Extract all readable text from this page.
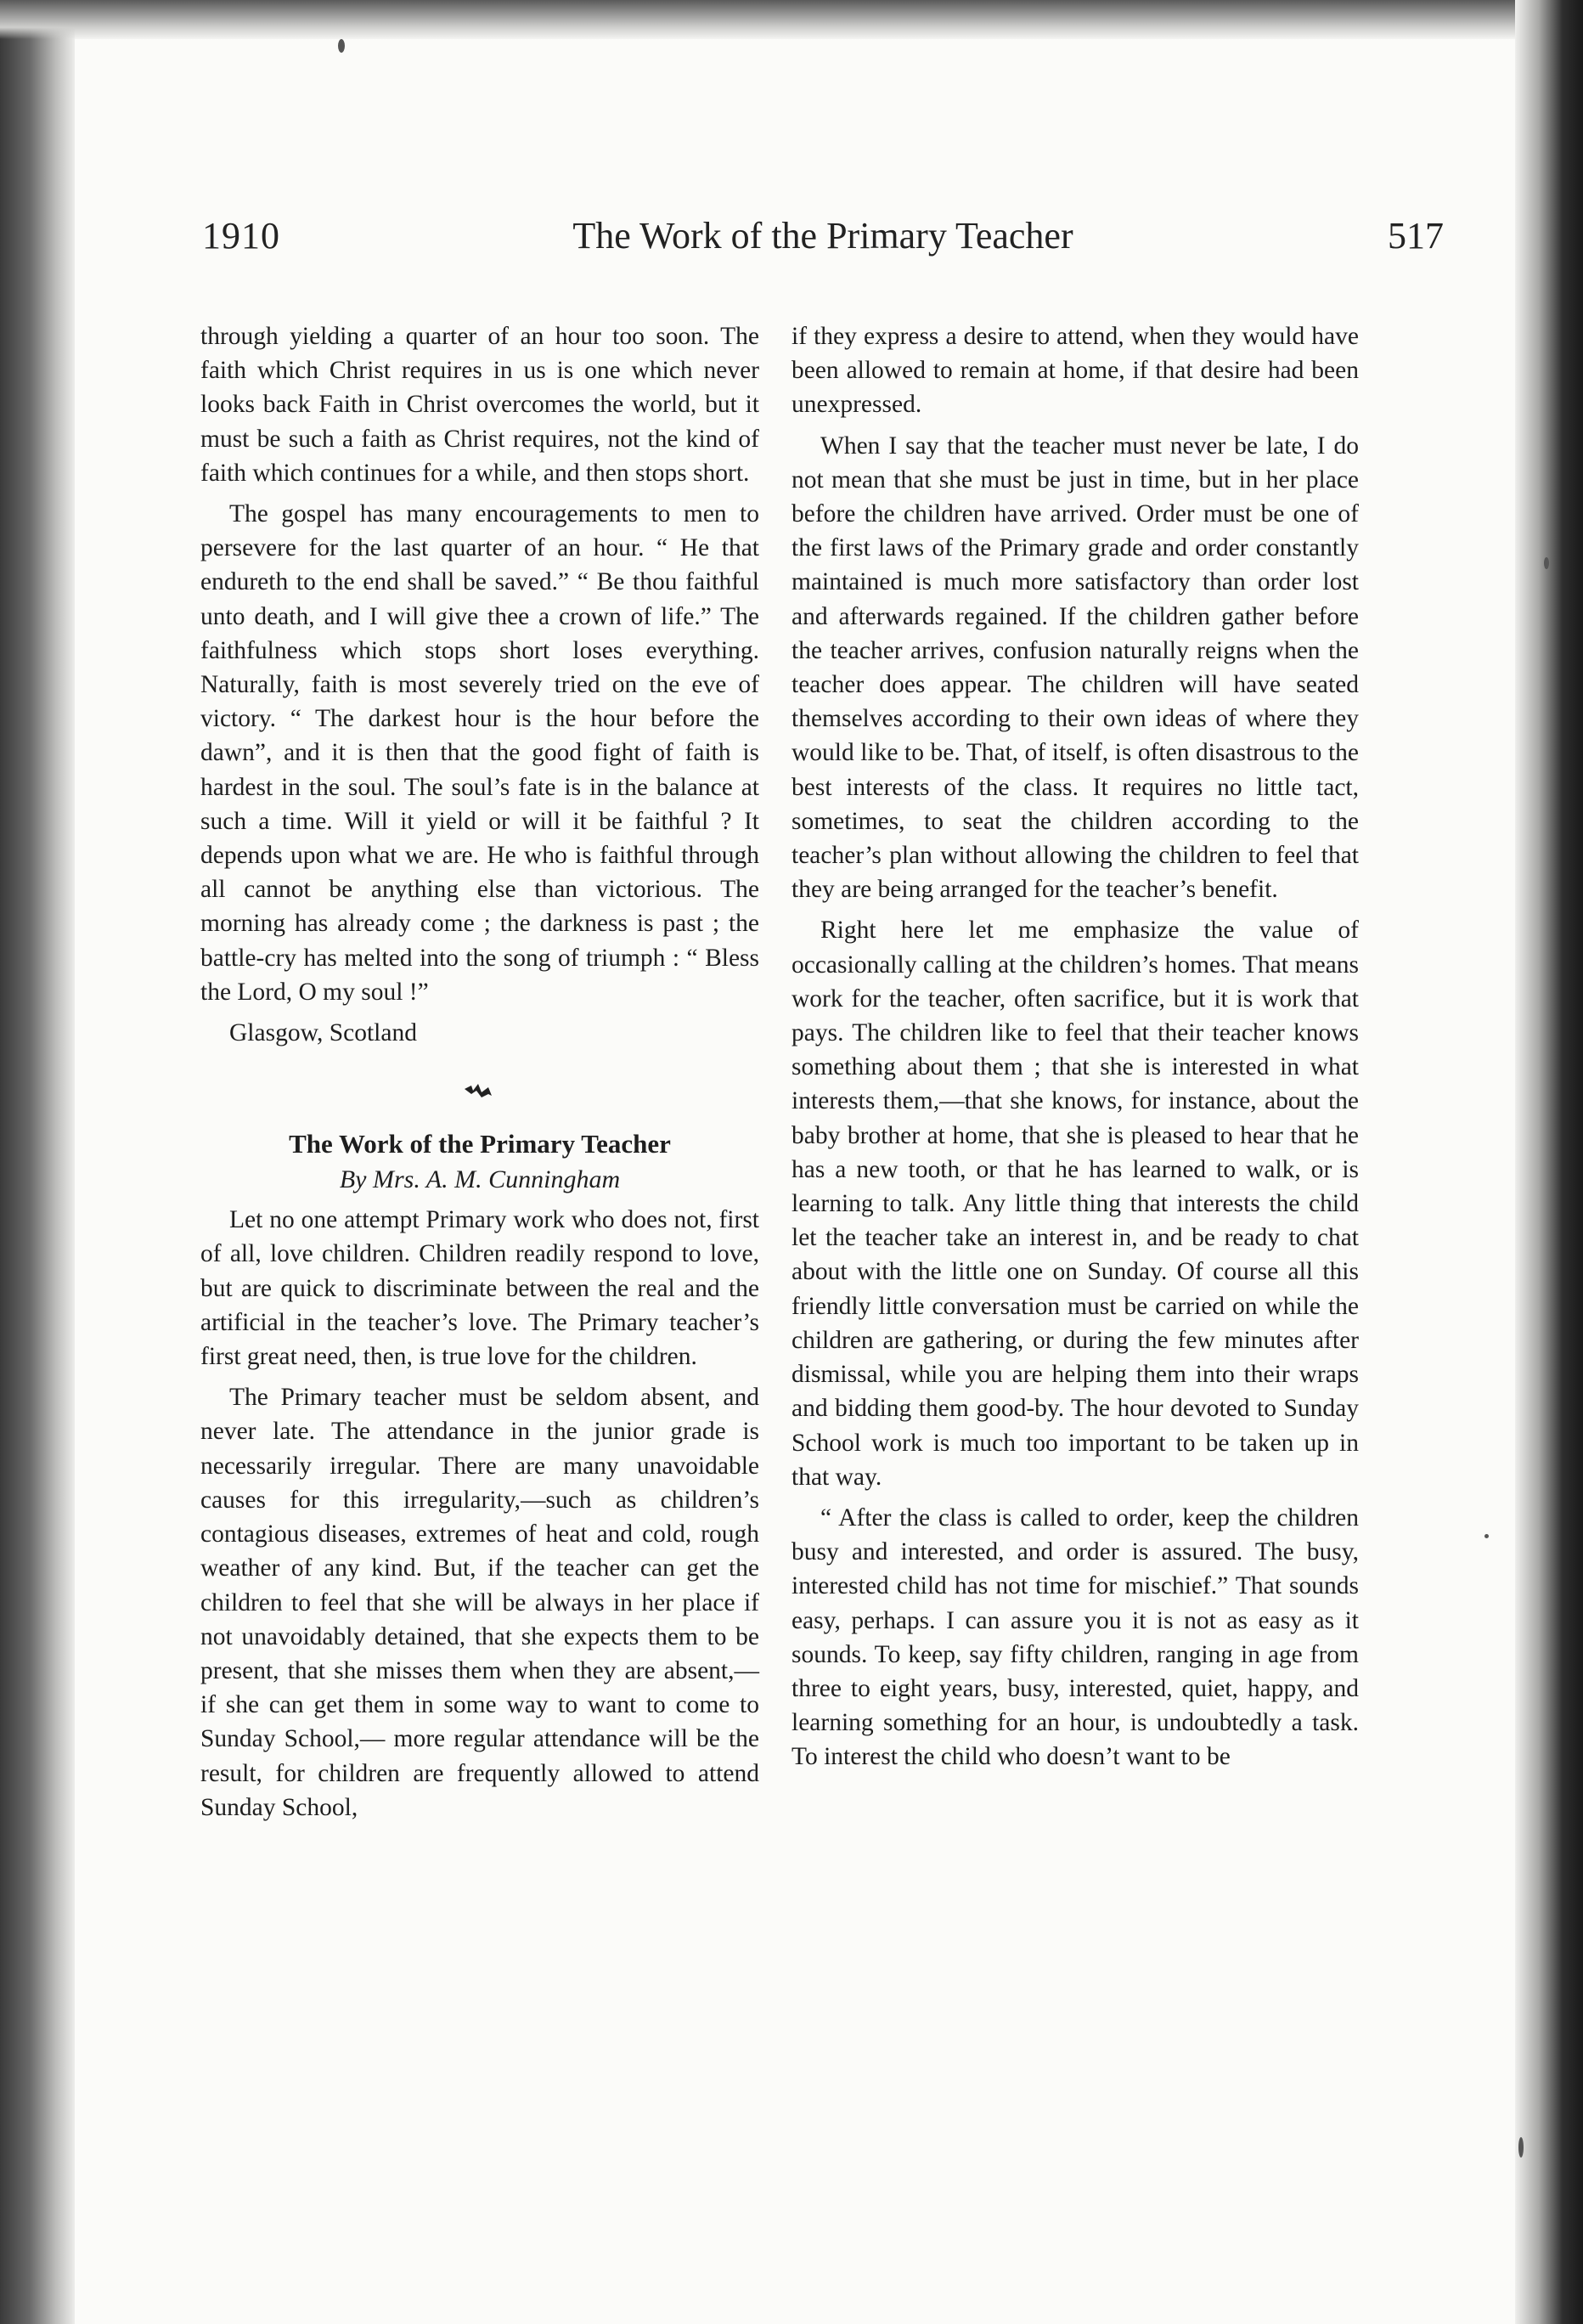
1910	The Work of the Primary Teacher	517

through yielding a quarter of an hour too soon. The faith which Christ requires in us is one which never looks back Faith in Christ overcomes the world, but it must be such a faith as Christ requires, not the kind of faith which continues for a while, and then stops short.

The gospel has many encouragements to men to persevere for the last quarter of an hour. “ He that endureth to the end shall be saved.” “ Be thou faithful unto death, and I will give thee a crown of life.” The faithfulness which stops short loses everything. Naturally, faith is most severely tried on the eve of victory. “ The darkest hour is the hour before the dawn”, and it is then that the good fight of faith is hardest in the soul. The soul’s fate is in the balance at such a time. Will it yield or will it be faithful ? It depends upon what we are. He who is faithful through all cannot be anything else than victorious. The morning has already come ; the darkness is past ; the battle-cry has melted into the song of triumph : “ Bless the Lord, O my soul !”

Glasgow, Scotland

The Work of the Primary Teacher
By Mrs. A. M. Cunningham

Let no one attempt Primary work who does not, first of all, love children. Children readily respond to love, but are quick to discriminate between the real and the artificial in the teacher’s love. The Primary teacher’s first great need, then, is true love for the children.

The Primary teacher must be seldom absent, and never late. The attendance in the junior grade is necessarily irregular. There are many unavoidable causes for this irregularity,—such as children’s contagious diseases, extremes of heat and cold, rough weather of any kind. But, if the teacher can get the children to feel that she will be always in her place if not unavoidably detained, that she expects them to be present, that she misses them when they are absent,— if she can get them in some way to want to come to Sunday School,— more regular attendance will be the result, for children are frequently allowed to attend Sunday School,

if they express a desire to attend, when they would have been allowed to remain at home, if that desire had been unexpressed.

When I say that the teacher must never be late, I do not mean that she must be just in time, but in her place before the children have arrived. Order must be one of the first laws of the Primary grade and order constantly maintained is much more satisfactory than order lost and afterwards regained. If the children gather before the teacher arrives, confusion naturally reigns when the teacher does appear. The children will have seated themselves according to their own ideas of where they would like to be. That, of itself, is often disastrous to the best interests of the class. It requires no little tact, sometimes, to seat the children according to the teacher’s plan without allowing the children to feel that they are being arranged for the teacher’s benefit.

Right here let me emphasize the value of occasionally calling at the children’s homes. That means work for the teacher, often sacrifice, but it is work that pays. The children like to feel that their teacher knows something about them ; that she is interested in what interests them,—that she knows, for instance, about the baby brother at home, that she is pleased to hear that he has a new tooth, or that he has learned to walk, or is learning to talk. Any little thing that interests the child let the teacher take an interest in, and be ready to chat about with the little one on Sunday. Of course all this friendly little conversation must be carried on while the children are gathering, or during the few minutes after dismissal, while you are helping them into their wraps and bidding them good-by. The hour devoted to Sunday School work is much too important to be taken up in that way.

“ After the class is called to order, keep the children busy and interested, and order is assured. The busy, interested child has not time for mischief.” That sounds easy, perhaps. I can assure you it is not as easy as it sounds. To keep, say fifty children, ranging in age from three to eight years, busy, interested, quiet, happy, and learning something for an hour, is undoubtedly a task. To interest the child who doesn’t want to be
